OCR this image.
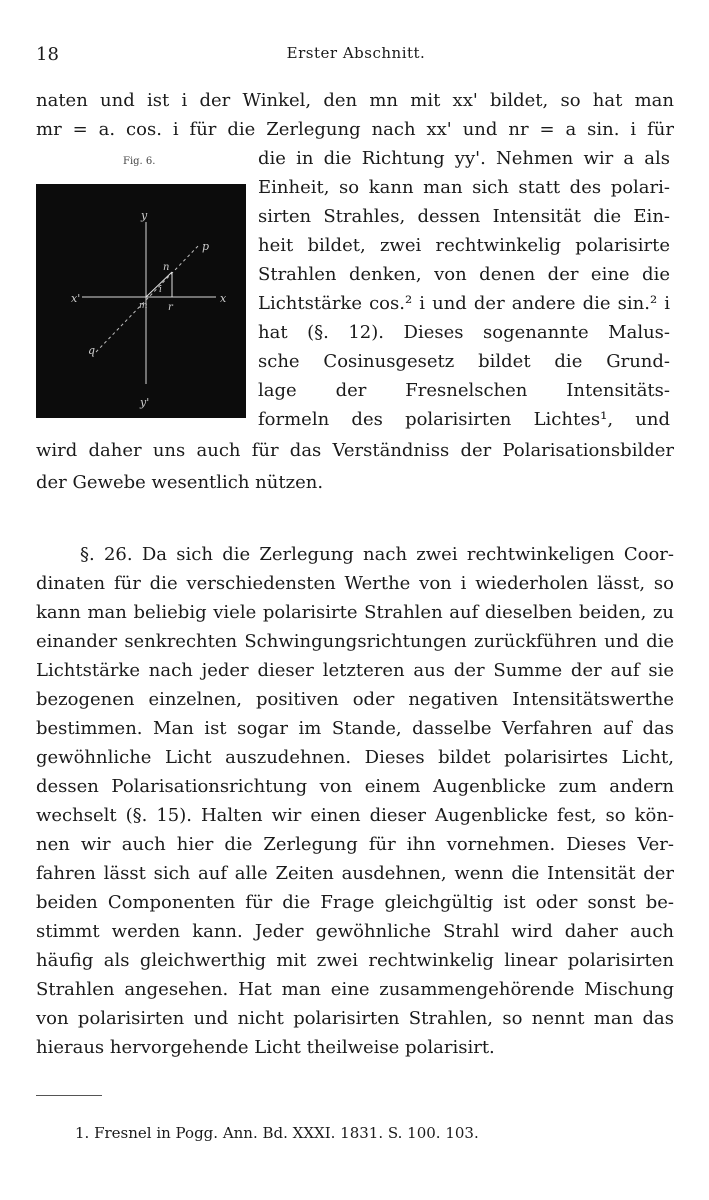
18	Erster Abschnitt.
naten und ist i der Winkel, den mn mit xx' bildet, so hat man
mr = a. cos. i für die Zerlegung nach xx' und nr = a sin. i für
die in die Richtung yy'. Nehmen wir a als
Einheit, so kann man sich statt des polari-
sirten Strahles, dessen Intensität die Ein-
heit bildet, zwei rechtwinkelig polarisirte
Strahlen denken, von denen der eine die
Lichtstärke cos.² i und der andere die sin.² i
hat (§. 12). Dieses sogenannte Malus-
sche Cosinusgesetz bildet die Grund-
lage der Fresnelschen Intensitäts-
formeln des polarisirten Lichtes¹, und
wird daher uns auch für das Verständniss der Polarisationsbilder
der Gewebe wesentlich nützen.
Fig. 6.
y
y'
x'	x
p
q
n
r
i
m
§. 26. Da sich die Zerlegung nach zwei rechtwinkeligen Coor-
dinaten für die verschiedensten Werthe von i wiederholen lässt, so
kann man beliebig viele polarisirte Strahlen auf dieselben beiden, zu
einander senkrechten Schwingungsrichtungen zurückführen und die
Lichtstärke nach jeder dieser letzteren aus der Summe der auf sie
bezogenen einzelnen, positiven oder negativen Intensitätswerthe
bestimmen. Man ist sogar im Stande, dasselbe Verfahren auf das
gewöhnliche Licht auszudehnen. Dieses bildet polarisirtes Licht,
dessen Polarisationsrichtung von einem Augenblicke zum andern
wechselt (§. 15). Halten wir einen dieser Augenblicke fest, so kön-
nen wir auch hier die Zerlegung für ihn vornehmen. Dieses Ver-
fahren lässt sich auf alle Zeiten ausdehnen, wenn die Intensität der
beiden Componenten für die Frage gleichgültig ist oder sonst be-
stimmt werden kann. Jeder gewöhnliche Strahl wird daher auch
häufig als gleichwerthig mit zwei rechtwinkelig linear polarisirten
Strahlen angesehen. Hat man eine zusammengehörende Mischung
von polarisirten und nicht polarisirten Strahlen, so nennt man das
hieraus hervorgehende Licht theilweise polarisirt.
1. Fresnel in Pogg. Ann. Bd. XXXI. 1831. S. 100. 103.
